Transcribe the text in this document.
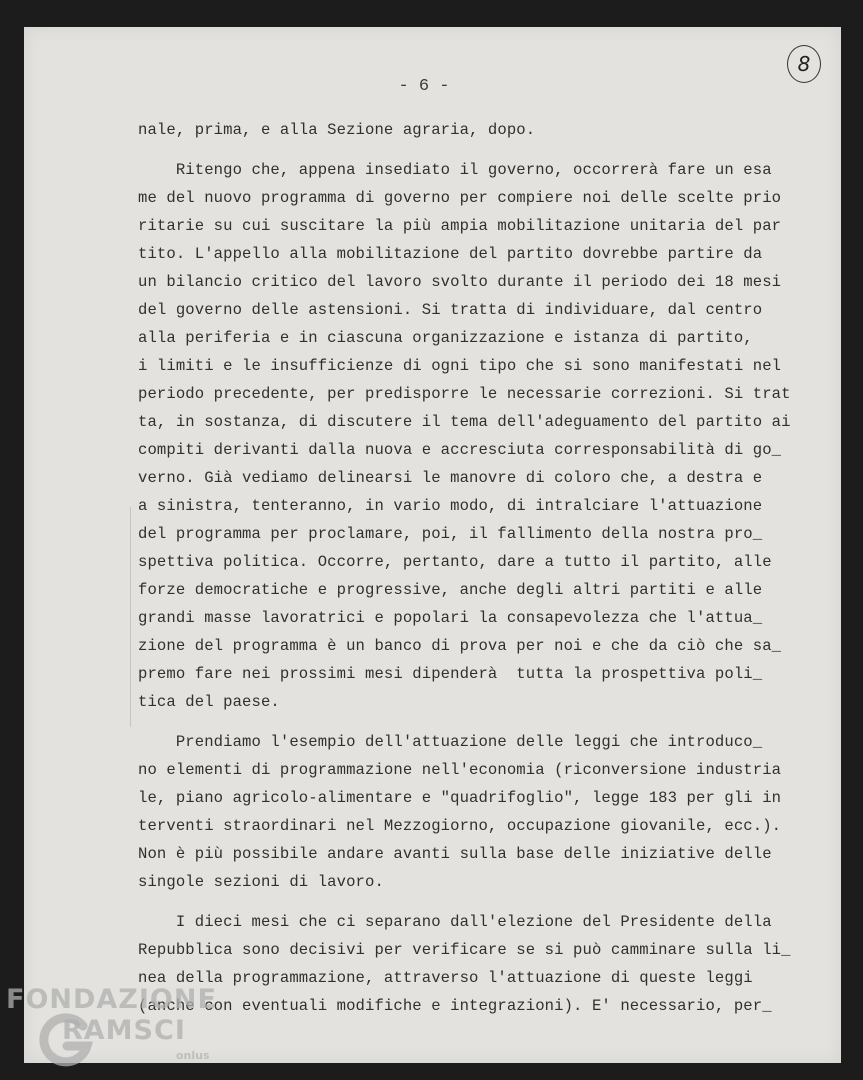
- 6 -
8
nale, prima, e alla Sezione agraria, dopo.
Ritengo che, appena insediato il governo, occorrerà fare un esa
me del nuovo programma di governo per compiere noi delle scelte prio
ritarie su cui suscitare la più ampia mobilitazione unitaria del par
tito. L'appello alla mobilitazione del partito dovrebbe partire da
un bilancio critico del lavoro svolto durante il periodo dei 18 mesi
del governo delle astensioni. Si tratta di individuare, dal centro
alla periferia e in ciascuna organizzazione e istanza di partito,
i limiti e le insufficienze di ogni tipo che si sono manifestati nel
periodo precedente, per predisporre le necessarie correzioni. Si trat
ta, in sostanza, di discutere il tema dell'adeguamento del partito ai
compiti derivanti dalla nuova e accresciuta corresponsabilità di go_
verno. Già vediamo delinearsi le manovre di coloro che, a destra e
a sinistra, tenteranno, in vario modo, di intralciare l'attuazione
del programma per proclamare, poi, il fallimento della nostra pro_
spettiva politica. Occorre, pertanto, dare a tutto il partito, alle
forze democratiche e progressive, anche degli altri partiti e alle
grandi masse lavoratrici e popolari la consapevolezza che l'attua_
zione del programma è un banco di prova per noi e che da ciò che sa_
premo fare nei prossimi mesi dipenderà  tutta la prospettiva poli_
tica del paese.
Prendiamo l'esempio dell'attuazione delle leggi che introduco_
no elementi di programmazione nell'economia (riconversione industria
le, piano agricolo-alimentare e "quadrifoglio", legge 183 per gli in
terventi straordinari nel Mezzogiorno, occupazione giovanile, ecc.).
Non è più possibile andare avanti sulla base delle iniziative delle
singole sezioni di lavoro.
I dieci mesi che ci separano dall'elezione del Presidente della
Repubblica sono decisivi per verificare se si può camminare sulla li_
nea della programmazione, attraverso l'attuazione di queste leggi
(anche con eventuali modifiche e integrazioni). E' necessario, per_
FONDAZIONE
RAMSCI
onlus
